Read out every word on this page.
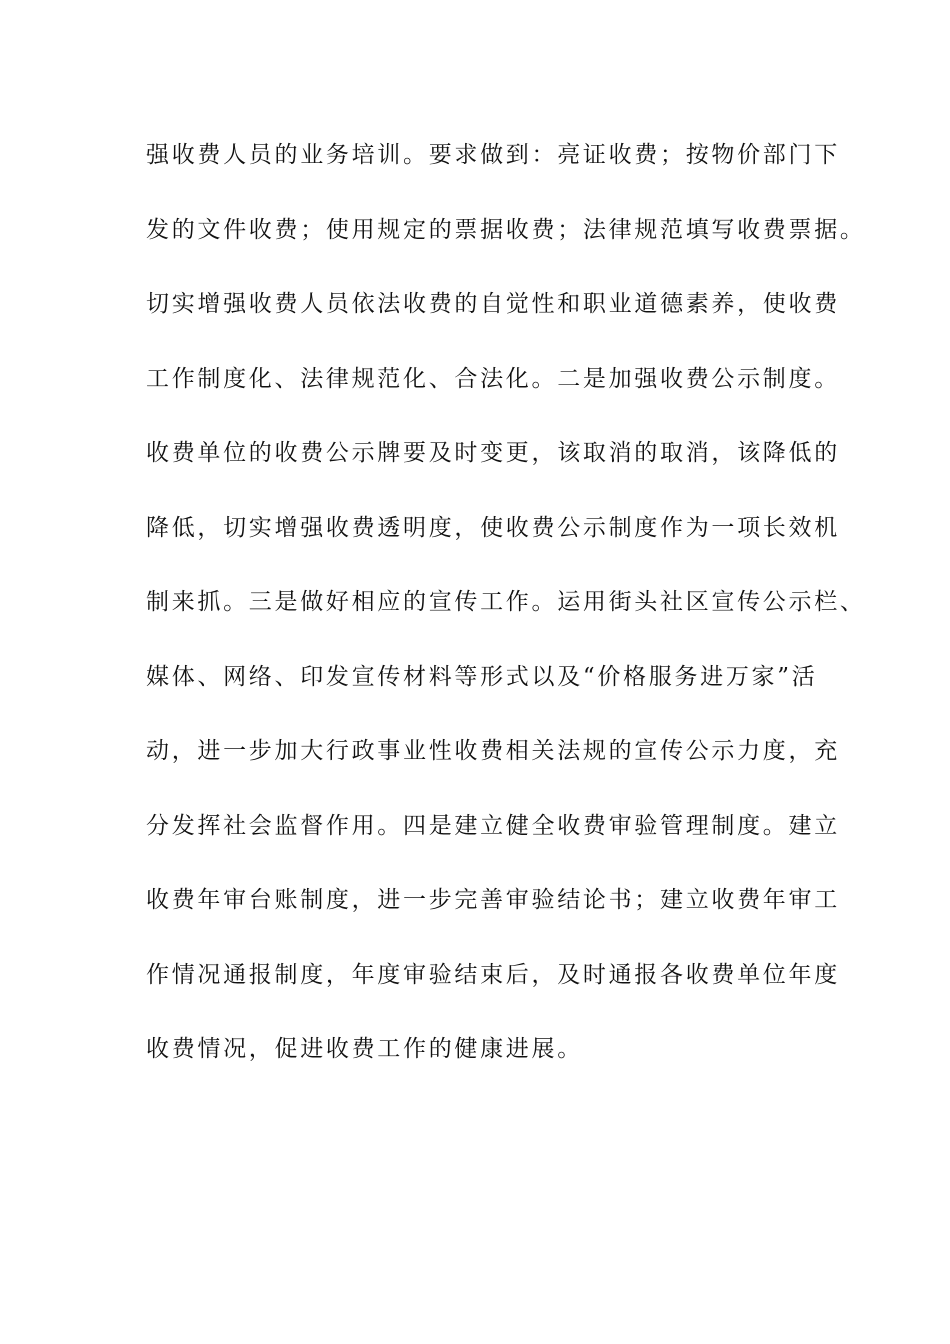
强收费人员的业务培训。要求做到：亮证收费；按物价部门下
发的文件收费；使用规定的票据收费；法律规范填写收费票据。
切实增强收费人员依法收费的自觉性和职业道德素养，使收费
工作制度化、法律规范化、合法化。二是加强收费公示制度。
收费单位的收费公示牌要及时变更，该取消的取消，该降低的
降低，切实增强收费透明度，使收费公示制度作为一项长效机
制来抓。三是做好相应的宣传工作。运用街头社区宣传公示栏、
媒体、网络、印发宣传材料等形式以及“价格服务进万家”活
动，进一步加大行政事业性收费相关法规的宣传公示力度，充
分发挥社会监督作用。四是建立健全收费审验管理制度。建立
收费年审台账制度，进一步完善审验结论书；建立收费年审工
作情况通报制度，年度审验结束后，及时通报各收费单位年度
收费情况，促进收费工作的健康进展。
